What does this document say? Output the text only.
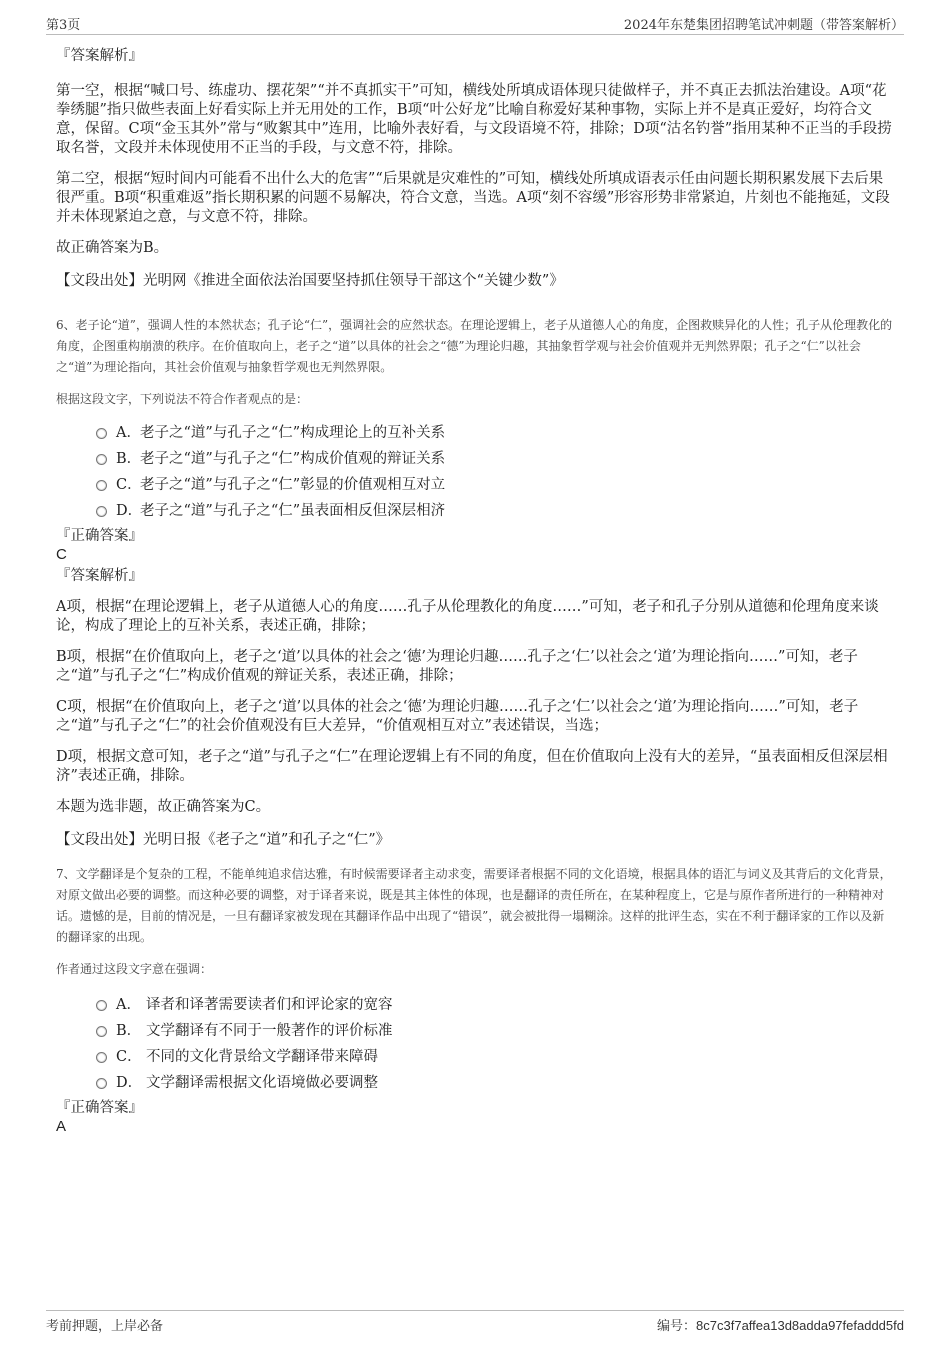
第3页	2024年东楚集团招聘笔试冲刺题（带答案解析）
『答案解析』

第一空，根据“喊口号、练虚功、摆花架”“并不真抓实干”可知，横线处所填成语体现只徒做样子，并不真正去抓法治建设。A项“花拳绣腿”指只做些表面上好看实际上并无用处的工作，B项“叶公好龙”比喻自称爱好某种事物，实际上并不是真正爱好，均符合文意，保留。C项“金玉其外”常与“败絮其中”连用，比喻外表好看，与文段语境不符，排除；D项“沽名钓誉”指用某种不正当的手段捞取名誉，文段并未体现使用不正当的手段，与文意不符，排除。

第二空，根据“短时间内可能看不出什么大的危害”“后果就是灾难性的”可知，横线处所填成语表示任由问题长期积累发展下去后果很严重。B项“积重难返”指长期积累的问题不易解决，符合文意，当选。A项“刻不容缓”形容形势非常紧迫，片刻也不能拖延，文段并未体现紧迫之意，与文意不符，排除。

故正确答案为B。

【文段出处】光明网《推进全面依法治国要坚持抓住领导干部这个“关键少数”》

6、老子论“道”，强调人性的本然状态；孔子论“仁”，强调社会的应然状态。在理论逻辑上，老子从道德人心的角度，企图救赎异化的人性；孔子从伦理教化的角度，企图重构崩溃的秩序。在价值取向上，老子之“道”以具体的社会之“德”为理论归趣，其抽象哲学观与社会价值观并无判然界限；孔子之“仁”以社会之“道”为理论指向，其社会价值观与抽象哲学观也无判然界限。

根据这段文字，下列说法不符合作者观点的是：

A． 老子之“道”与孔子之“仁”构成理论上的互补关系
B．
老子之“道”与孔子之“仁”构成价值观的辩证关系
C．
老子之“道”与孔子之“仁”彰显的价值观相互对立
D．
老子之“道”与孔子之“仁”虽表面相反但深层相济
『正确答案』
C
『答案解析』

A项，根据“在理论逻辑上，老子从道德人心的角度……孔子从伦理教化的角度……”可知，老子和孔子分别从道德和伦理角度来谈论，构成了理论上的互补关系，表述正确，排除；

B项，根据“在价值取向上，老子之‘道’以具体的社会之‘德’为理论归趣……孔子之‘仁’以社会之‘道’为理论指向……”可知，老子之“道”与孔子之“仁”构成价值观的辩证关系，表述正确，排除；

C项，根据“在价值取向上，老子之‘道’以具体的社会之‘德’为理论归趣……孔子之‘仁’以社会之‘道’为理论指向……”可知，老子之“道”与孔子之“仁”的社会价值观没有巨大差异，“价值观相互对立”表述错误，当选；

D项，根据文意可知，老子之“道”与孔子之“仁”在理论逻辑上有不同的角度，但在价值取向上没有大的差异，“虽表面相反但深层相济”表述正确，排除。

本题为选非题，故正确答案为C。

【文段出处】光明日报《老子之“道”和孔子之“仁”》

7、文学翻译是个复杂的工程，不能单纯追求信达雅，有时候需要译者主动求变，需要译者根据不同的文化语境，根据具体的语汇与词义及其背后的文化背景，对原文做出必要的调整。而这种必要的调整，对于译者来说，既是其主体性的体现，也是翻译的责任所在，在某种程度上，它是与原作者所进行的一种精神对话。遗憾的是，目前的情况是，一旦有翻译家被发现在其翻译作品中出现了“错误”，就会被批得一塌糊涂。这样的批评生态，实在不利于翻译家的工作以及新的翻译家的出现。

作者通过这段文字意在强调：

A． 译者和译著需要读者们和评论家的宽容
B． 文学翻译有不同于一般著作的评价标准
C． 不同的文化背景给文学翻译带来障碍
D． 文学翻译需根据文化语境做必要调整
『正确答案』
A
考前押题，上岸必备	编号：8c7c3f7affea13d8adda97fefaddd5fd
